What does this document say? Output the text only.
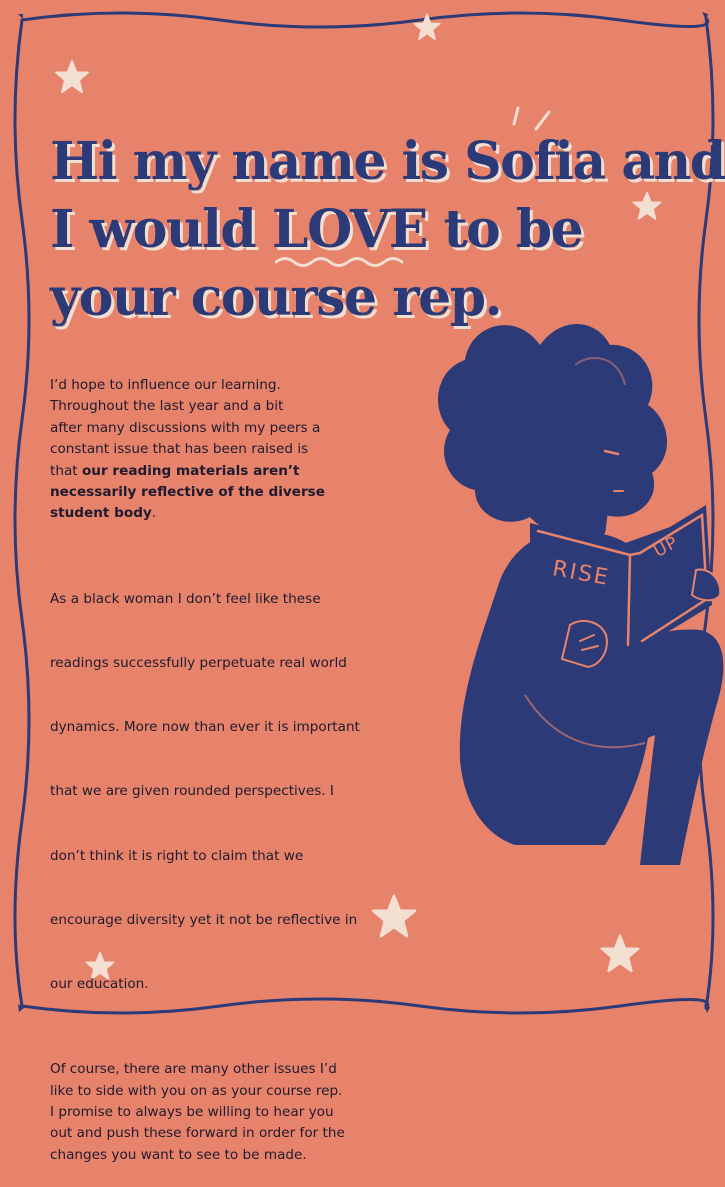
Hi my name is Sofia and
I would LOVE
to be
your course rep.

I’d hope to influence our learning.
Throughout the last year and a bit
after many discussions with my peers a
constant issue that has been raised is
that our reading materials aren’t
necessarily reflective of the diverse
student body.

As a black woman I don’t feel like these

readings successfully perpetuate real world

dynamics. More now than ever it is important

that we are given rounded perspectives. I

don’t think it is right to claim that we

encourage diversity yet it not be reflective in

our education.

Of course, there are many other issues I’d
like to side with you on as your course rep.
I promise to always be willing to hear you
out and push these forward in order for the
changes you want to see to be made.

RISE
UP
